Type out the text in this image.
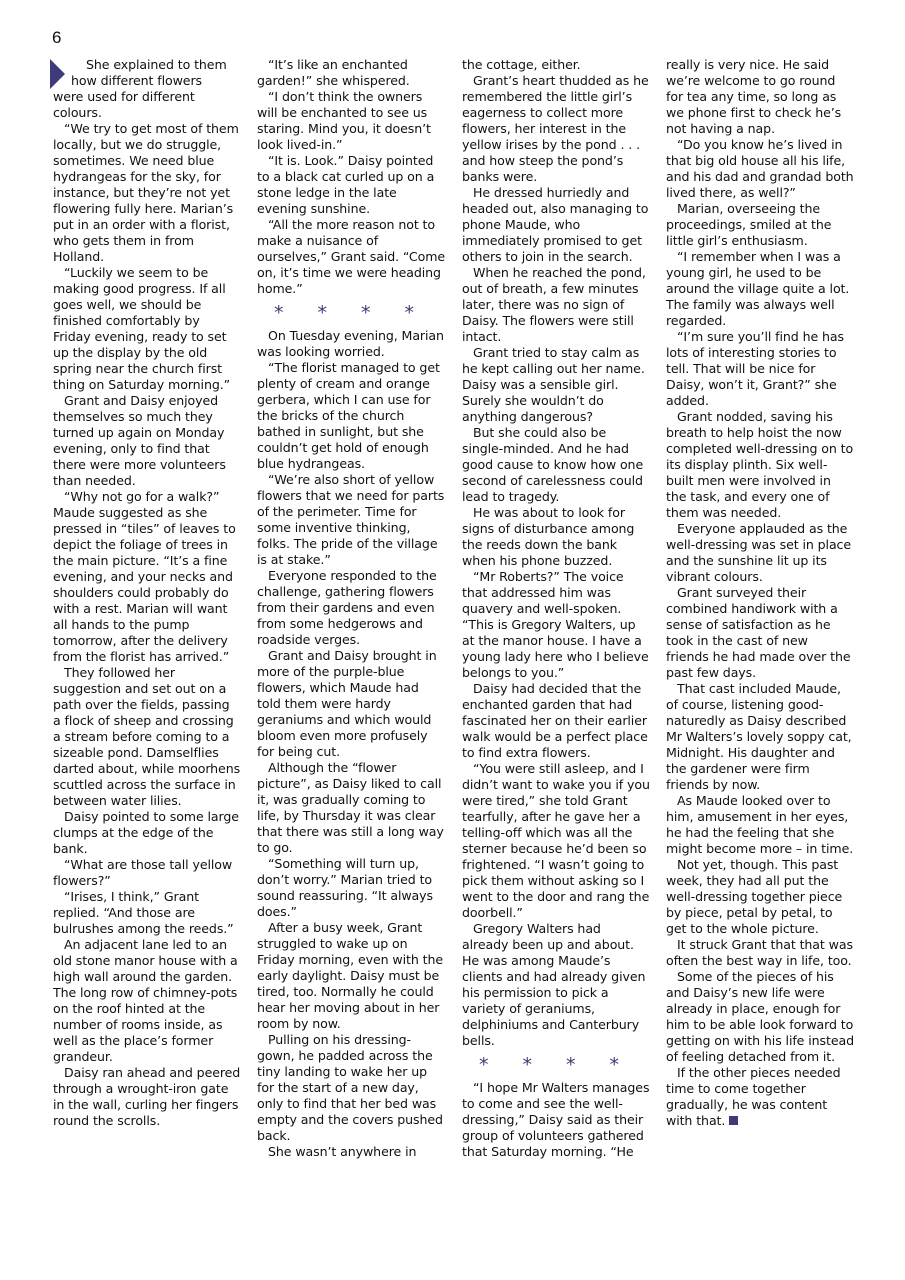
6

She explained to them
how different flowers
were used for different colours.

“We try to get most of them locally, but we do struggle, sometimes. We need blue hydrangeas for the sky, for instance, but they’re not yet flowering fully here. Marian’s put in an order with a florist, who gets them in from Holland.

“Luckily we seem to be making good progress. If all goes well, we should be finished comfortably by Friday evening, ready to set up the display by the old spring near the church first thing on Saturday morning.”

Grant and Daisy enjoyed themselves so much they turned up again on Monday evening, only to find that there were more volunteers than needed.

“Why not go for a walk?” Maude suggested as she pressed in “tiles” of leaves to depict the foliage of trees in the main picture. “It’s a fine evening, and your necks and shoulders could probably do with a rest. Marian will want all hands to the pump tomorrow, after the delivery from the florist has arrived.”

They followed her suggestion and set out on a path over the fields, passing a flock of sheep and crossing a stream before coming to a sizeable pond. Damselflies darted about, while moorhens scuttled across the surface in between water lilies.

Daisy pointed to some large clumps at the edge of the bank.

“What are those tall yellow flowers?”

“Irises, I think,” Grant replied. “And those are bulrushes among the reeds.”

An adjacent lane led to an old stone manor house with a high wall around the garden. The long row of chimney-pots on the roof hinted at the number of rooms inside, as well as the place’s former grandeur.

Daisy ran ahead and peered through a wrought-iron gate in the wall, curling her fingers round the scrolls.

“It’s like an enchanted garden!” she whispered.

“I don’t think the owners will be enchanted to see us staring. Mind you, it doesn’t look lived-in.”

“It is. Look.” Daisy pointed to a black cat curled up on a stone ledge in the late evening sunshine.

“All the more reason not to make a nuisance of ourselves,” Grant said. “Come on, it’s time we were heading home.”

* * * *

On Tuesday evening, Marian was looking worried.

“The florist managed to get plenty of cream and orange gerbera, which I can use for the bricks of the church bathed in sunlight, but she couldn’t get hold of enough blue hydrangeas.

“We’re also short of yellow flowers that we need for parts of the perimeter. Time for some inventive thinking, folks. The pride of the village is at stake.”

Everyone responded to the challenge, gathering flowers from their gardens and even from some hedgerows and roadside verges.

Grant and Daisy brought in more of the purple-blue flowers, which Maude had told them were hardy geraniums and which would bloom even more profusely for being cut.

Although the “flower picture”, as Daisy liked to call it, was gradually coming to life, by Thursday it was clear that there was still a long way to go.

“Something will turn up, don’t worry.” Marian tried to sound reassuring. “It always does.”

After a busy week, Grant struggled to wake up on Friday morning, even with the early daylight. Daisy must be tired, too. Normally he could hear her moving about in her room by now.

Pulling on his dressing-gown, he padded across the tiny landing to wake her up for the start of a new day, only to find that her bed was empty and the covers pushed back.

She wasn’t anywhere in

the cottage, either.

Grant’s heart thudded as he remembered the little girl’s eagerness to collect more flowers, her interest in the yellow irises by the pond . . . and how steep the pond’s banks were.

He dressed hurriedly and headed out, also managing to phone Maude, who immediately promised to get others to join in the search.

When he reached the pond, out of breath, a few minutes later, there was no sign of Daisy. The flowers were still intact.

Grant tried to stay calm as he kept calling out her name. Daisy was a sensible girl. Surely she wouldn’t do anything dangerous?

But she could also be single-minded. And he had good cause to know how one second of carelessness could lead to tragedy.

He was about to look for signs of disturbance among the reeds down the bank when his phone buzzed.

“Mr Roberts?” The voice that addressed him was quavery and well-spoken. “This is Gregory Walters, up at the manor house. I have a young lady here who I believe belongs to you.”

Daisy had decided that the enchanted garden that had fascinated her on their earlier walk would be a perfect place to find extra flowers.

“You were still asleep, and I didn’t want to wake you if you were tired,” she told Grant tearfully, after he gave her a telling-off which was all the sterner because he’d been so frightened. “I wasn’t going to pick them without asking so I went to the door and rang the doorbell.”

Gregory Walters had already been up and about. He was among Maude’s clients and had already given his permission to pick a variety of geraniums, delphiniums and Canterbury bells.

* * * *

“I hope Mr Walters manages to come and see the well-dressing,” Daisy said as their group of volunteers gathered that Saturday morning. “He

really is very nice. He said we’re welcome to go round for tea any time, so long as we phone first to check he’s not having a nap.

“Do you know he’s lived in that big old house all his life, and his dad and grandad both lived there, as well?”

Marian, overseeing the proceedings, smiled at the little girl’s enthusiasm.

“I remember when I was a young girl, he used to be around the village quite a lot. The family was always well regarded.

“I’m sure you’ll find he has lots of interesting stories to tell. That will be nice for Daisy, won’t it, Grant?” she added.

Grant nodded, saving his breath to help hoist the now completed well-dressing on to its display plinth. Six well-built men were involved in the task, and every one of them was needed.

Everyone applauded as the well-dressing was set in place and the sunshine lit up its vibrant colours.

Grant surveyed their combined handiwork with a sense of satisfaction as he took in the cast of new friends he had made over the past few days.

That cast included Maude, of course, listening good-naturedly as Daisy described Mr Walters’s lovely soppy cat, Midnight. His daughter and the gardener were firm friends by now.

As Maude looked over to him, amusement in her eyes, he had the feeling that she might become more – in time.

Not yet, though. This past week, they had all put the well-dressing together piece by piece, petal by petal, to get to the whole picture.

It struck Grant that that was often the best way in life, too.

Some of the pieces of his and Daisy’s new life were already in place, enough for him to be able look forward to getting on with his life instead of feeling detached from it.

If the other pieces needed time to come together gradually, he was content with that.
